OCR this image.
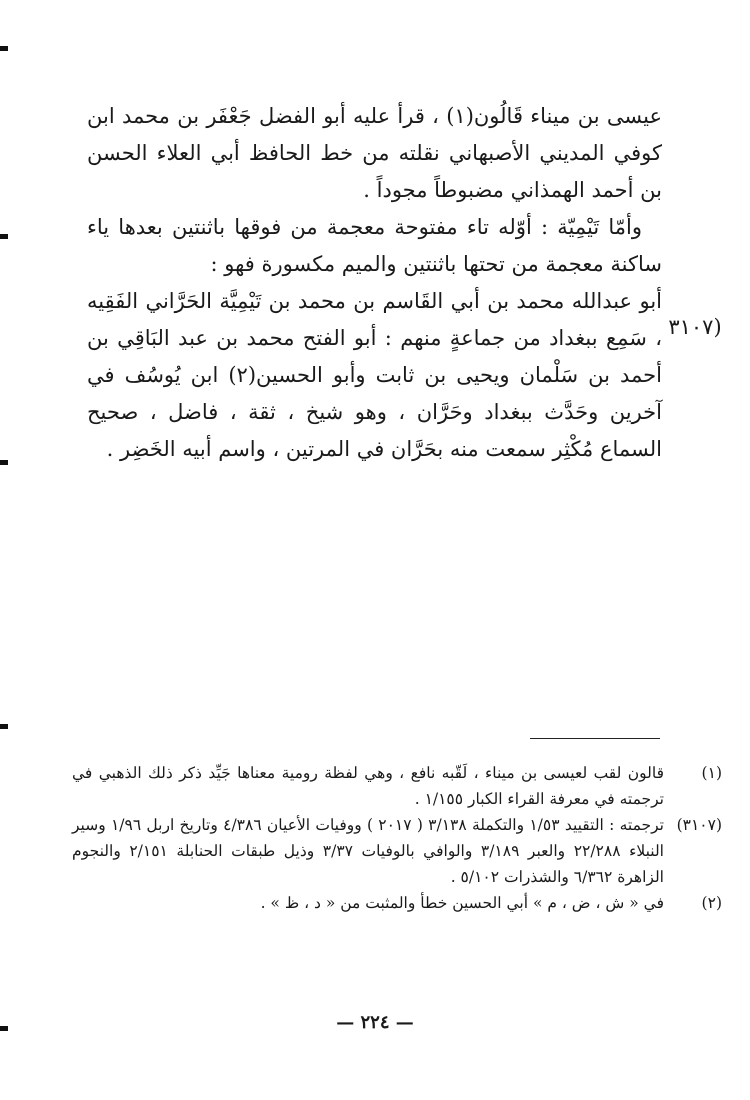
عيسى بن ميناء قَالُون(١) ، قرأ عليه أبو الفضل جَعْفَر بن محمد ابن كوفي المديني الأصبهاني نقلته من خط الحافظ أبي العلاء الحسن بن أحمد الهمذاني مضبوطاً مجوداً .

وأمّا تَيْمِيّة : أوّله تاء مفتوحة معجمة من فوقها باثنتين بعدها ياء ساكنة معجمة من تحتها باثنتين والميم مكسورة فهو :

أبو عبدالله محمد بن أبي القَاسم بن محمد بن تَيْمِيَّة الحَرَّاني الفَقِيه ، سَمِع ببغداد من جماعةٍ منهم : أبو الفتح محمد بن عبد البَاقِي بن أحمد بن سَلْمان ويحيى بن ثابت وأبو الحسين(٢) ابن يُوسُف في آخرين وحَدَّث ببغداد وحَرَّان ، وهو شيخ ، ثقة ، فاضل ، صحيح السماع مُكْثِر سمعت منه بحَرَّان في المرتين ، واسم أبيه الخَضِر .

(٣١٠٧
(١)
قالون لقب لعيسى بن ميناء ، لَقّبه نافع ، وهي لفظة رومية معناها جَيِّد ذكر ذلك الذهبي في ترجمته في معرفة القراء الكبار ١/١٥٥ .
(٣١٠٧)
ترجمته : التقييد ١/٥٣ والتكملة ٣/١٣٨ ( ٢٠١٧ ) ووفيات الأعيان ٤/٣٨٦ وتاريخ اربل ١/٩٦ وسير النبلاء ٢٢/٢٨٨ والعبر ٣/١٨٩ والوافي بالوفيات ٣/٣٧ وذيل طبقات الحنابلة ٢/١٥١ والنجوم الزاهرة ٦/٣٦٢ والشذرات ٥/١٠٢ .
(٢)
في « ش ، ض ، م » أبي الحسين خطأ والمثبت من « د ، ظ » .
— ٢٢٤ —
